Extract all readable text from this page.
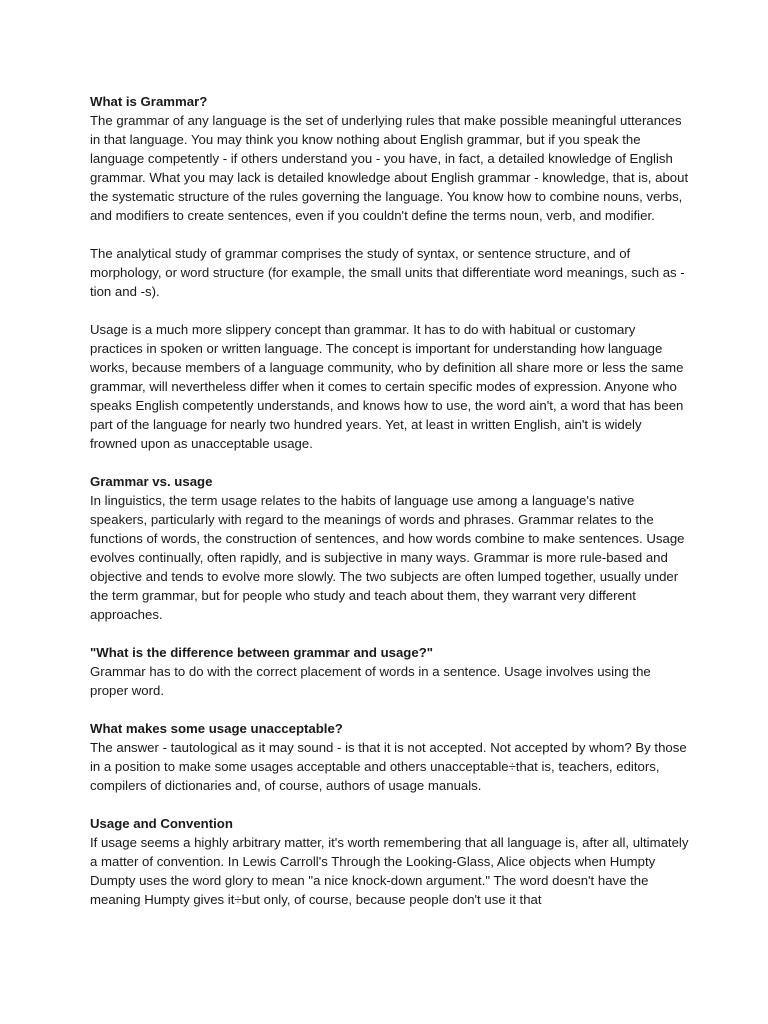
What is Grammar?

The grammar of any language is the set of underlying rules that make possible meaningful utterances in that language. You may think you know nothing about English grammar, but if you speak the language competently - if others understand you - you have, in fact, a detailed knowledge of English grammar. What you may lack is detailed knowledge about English grammar - knowledge, that is, about the systematic structure of the rules governing the language. You know how to combine nouns, verbs, and modifiers to create sentences, even if you couldn't define the terms noun, verb, and modifier.

The analytical study of grammar comprises the study of syntax, or sentence structure, and of morphology, or word structure (for example, the small units that differentiate word meanings, such as -tion and -s).

Usage is a much more slippery concept than grammar. It has to do with habitual or customary practices in spoken or written language. The concept is important for understanding how language works, because members of a language community, who by definition all share more or less the same grammar, will nevertheless differ when it comes to certain specific modes of expression. Anyone who speaks English competently understands, and knows how to use, the word ain't, a word that has been part of the language for nearly two hundred years. Yet, at least in written English, ain't is widely frowned upon as unacceptable usage.

Grammar vs. usage

In linguistics, the term usage relates to the habits of language use among a language's native speakers, particularly with regard to the meanings of words and phrases. Grammar relates to the functions of words, the construction of sentences, and how words combine to make sentences. Usage evolves continually, often rapidly, and is subjective in many ways. Grammar is more rule-based and objective and tends to evolve more slowly. The two subjects are often lumped together, usually under the term grammar, but for people who study and teach about them, they warrant very different approaches.

"What is the difference between grammar and usage?"

Grammar has to do with the correct placement of words in a sentence. Usage involves using the proper word.

What makes some usage unacceptable?

The answer - tautological as it may sound - is that it is not accepted. Not accepted by whom? By those in a position to make some usages acceptable and others unacceptable÷that is, teachers, editors, compilers of dictionaries and, of course, authors of usage manuals.

Usage and Convention

If usage seems a highly arbitrary matter, it's worth remembering that all language is, after all, ultimately a matter of convention. In Lewis Carroll's Through the Looking-Glass, Alice objects when Humpty Dumpty uses the word glory to mean "a nice knock-down argument." The word doesn't have the meaning Humpty gives it÷but only, of course, because people don't use it that
